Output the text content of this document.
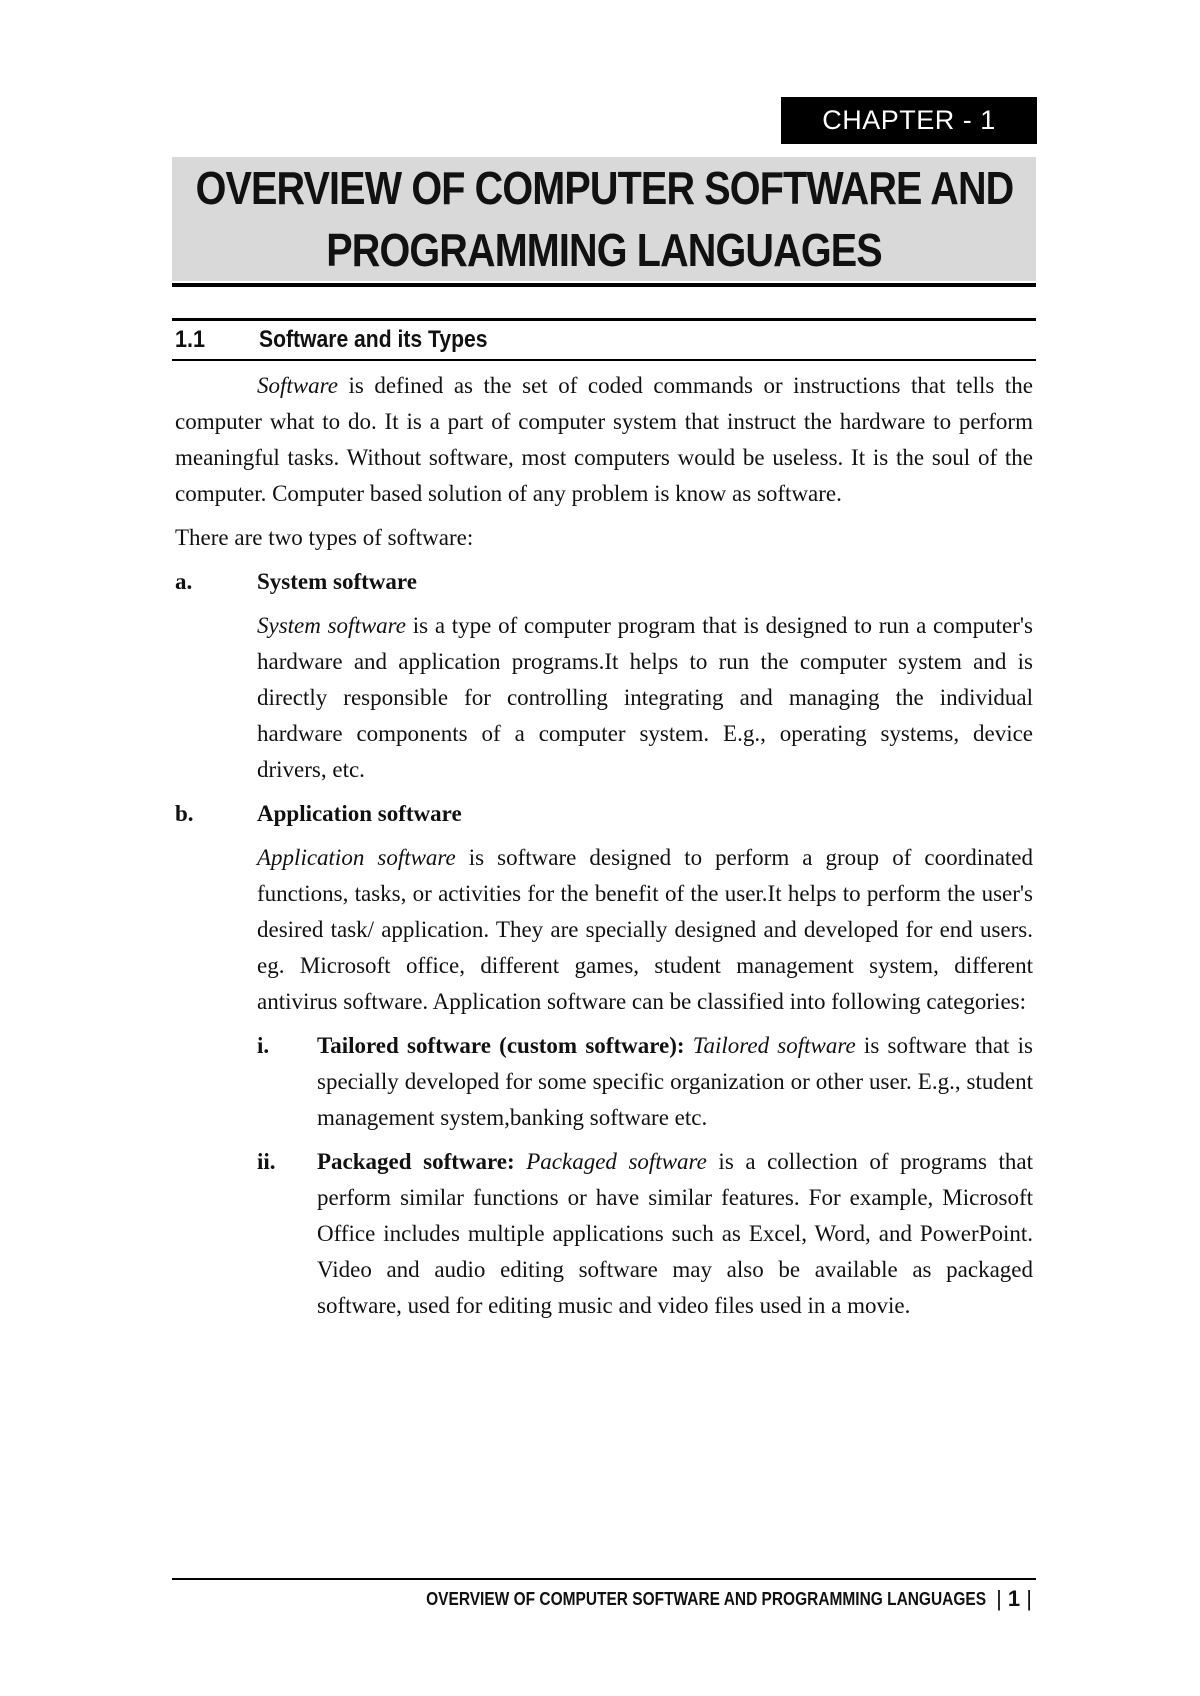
CHAPTER - 1
OVERVIEW OF COMPUTER SOFTWARE AND
PROGRAMMING LANGUAGES
1.1 Software and its Types

Software is defined as the set of coded commands or instructions that tells the computer what to do. It is a part of computer system that instruct the hardware to perform meaningful tasks. Without software, most computers would be useless. It is the soul of the computer. Computer based solution of any problem is know as software.

There are two types of software:

a.	System software
System software is a type of computer program that is designed to run a computer's hardware and application programs.It helps to run the computer system and is directly responsible for controlling integrating and managing the individual hardware components of a computer system. E.g., operating systems, device drivers, etc.
b.	Application software
Application software is software designed to perform a group of coordinated functions, tasks, or activities for the benefit of the user.It helps to perform the user's desired task/ application. They are specially designed and developed for end users. eg. Microsoft office, different games, student management system, different antivirus software. Application software can be classified into following categories:
i. Tailored software (custom software): Tailored software is software that is specially developed for some specific organization or other user. E.g., student management system,banking software etc.
ii. Packaged software: Packaged software is a collection of programs that perform similar functions or have similar features. For example, Microsoft Office includes multiple applications such as Excel, Word, and PowerPoint. Video and audio editing software may also be available as packaged software, used for editing music and video files used in a movie.
OVERVIEW OF COMPUTER SOFTWARE AND PROGRAMMING LANGUAGES | 1 |
